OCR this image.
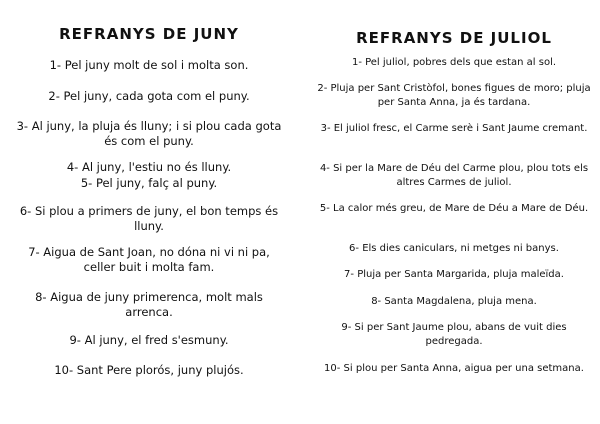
REFRANYS DE JUNY

1- Pel juny molt de sol i molta son.

2- Pel juny, cada gota com el puny.

3- Al juny, la pluja és lluny; i si plou cada gota és com el puny.

4- Al juny, l'estiu no és lluny.

5- Pel juny, falç al puny.

6- Si plou a primers de juny, el bon temps és lluny.

7- Aigua de Sant Joan, no dóna ni vi ni pa, celler buit i molta fam.

8- Aigua de juny primerenca, molt mals arrenca.

9- Al juny, el fred s'esmuny.

10- Sant Pere plorós, juny plujós.

REFRANYS DE JULIOL

1- Pel juliol, pobres dels que estan al sol.

2- Pluja per Sant Cristòfol, bones figues de moro; pluja per Santa Anna, ja és tardana.

3- El juliol fresc, el Carme serè i Sant Jaume cremant.

4- Si per la Mare de Déu del Carme plou, plou tots els altres Carmes de juliol.

5- La calor més greu, de Mare de Déu a Mare de Déu.

6- Els dies caniculars, ni metges ni banys.

7- Pluja per Santa Margarida, pluja maleïda.

8- Santa Magdalena, pluja mena.

9- Si per Sant Jaume plou, abans de vuit dies pedregada.

10- Si plou per Santa Anna, aigua per una setmana.
